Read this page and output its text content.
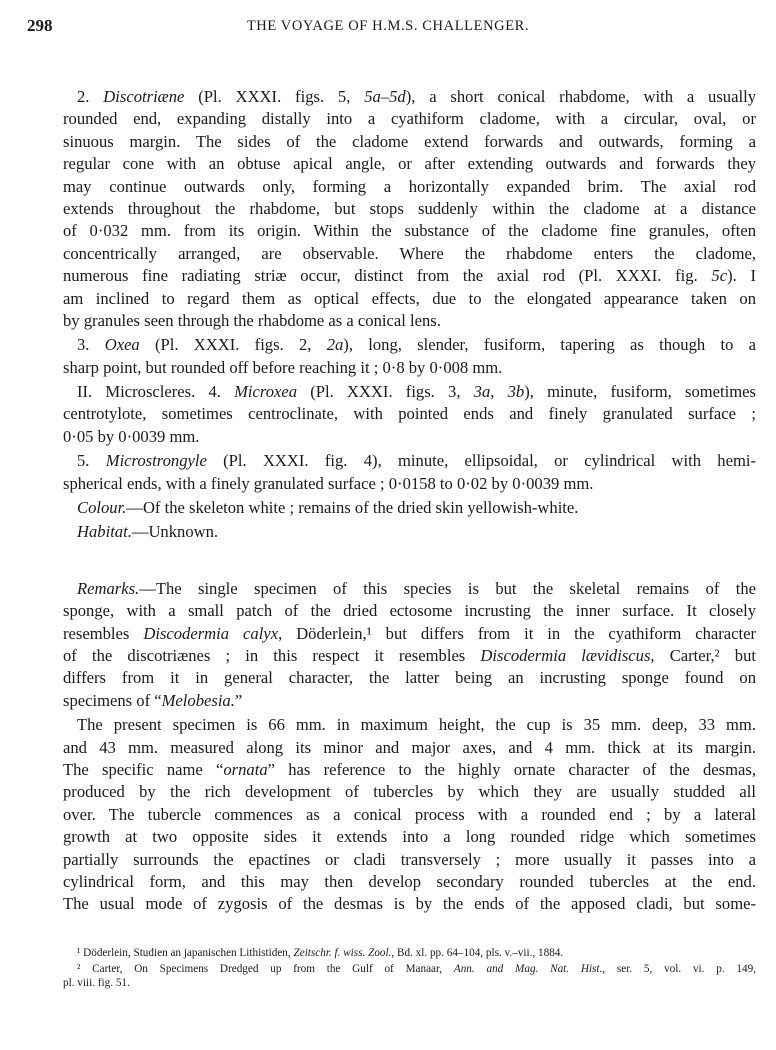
298	THE VOYAGE OF H.M.S. CHALLENGER.
2. Discotriæne (Pl. XXXI. figs. 5, 5a–5d), a short conical rhabdome, with a usually
rounded end, expanding distally into a cyathiform cladome, with a circular, oval, or
sinuous margin. The sides of the cladome extend forwards and outwards, forming a
regular cone with an obtuse apical angle, or after extending outwards and forwards they
may continue outwards only, forming a horizontally expanded brim. The axial rod
extends throughout the rhabdome, but stops suddenly within the cladome at a distance
of 0·032 mm. from its origin. Within the substance of the cladome fine granules, often
concentrically arranged, are observable. Where the rhabdome enters the cladome,
numerous fine radiating striæ occur, distinct from the axial rod (Pl. XXXI. fig. 5c). I
am inclined to regard them as optical effects, due to the elongated appearance taken on
by granules seen through the rhabdome as a conical lens.
3. Oxea (Pl. XXXI. figs. 2, 2a), long, slender, fusiform, tapering as though to a
sharp point, but rounded off before reaching it ; 0·8 by 0·008 mm.
II. Microscleres. 4. Microxea (Pl. XXXI. figs. 3, 3a, 3b), minute, fusiform, sometimes
centrotylote, sometimes centroclinate, with pointed ends and finely granulated surface ;
0·05 by 0·0039 mm.
5. Microstrongyle (Pl. XXXI. fig. 4), minute, ellipsoidal, or cylindrical with hemi-
spherical ends, with a finely granulated surface ; 0·0158 to 0·02 by 0·0039 mm.
Colour.—Of the skeleton white ; remains of the dried skin yellowish-white.
Habitat.—Unknown.
Remarks.—The single specimen of this species is but the skeletal remains of the
sponge, with a small patch of the dried ectosome incrusting the inner surface. It closely
resembles Discodermia calyx, Döderlein,¹ but differs from it in the cyathiform character
of the discotriænes ; in this respect it resembles Discodermia lævidiscus, Carter,² but
differs from it in general character, the latter being an incrusting sponge found on
specimens of “Melobesia.”
The present specimen is 66 mm. in maximum height, the cup is 35 mm. deep, 33 mm.
and 43 mm. measured along its minor and major axes, and 4 mm. thick at its margin.
The specific name “ornata” has reference to the highly ornate character of the desmas,
produced by the rich development of tubercles by which they are usually studded all
over. The tubercle commences as a conical process with a rounded end ; by a lateral
growth at two opposite sides it extends into a long rounded ridge which sometimes
partially surrounds the epactines or cladi transversely ; more usually it passes into a
cylindrical form, and this may then develop secondary rounded tubercles at the end.
The usual mode of zygosis of the desmas is by the ends of the apposed cladi, but some-
¹ Döderlein, Studien an japanischen Lithistiden, Zeitschr. f. wiss. Zool., Bd. xl. pp. 64–104, pls. v.–vii., 1884.
² Carter, On Specimens Dredged up from the Gulf of Manaar, Ann. and Mag. Nat. Hist., ser. 5, vol. vi. p. 149,
pl. viii. fig. 51.
